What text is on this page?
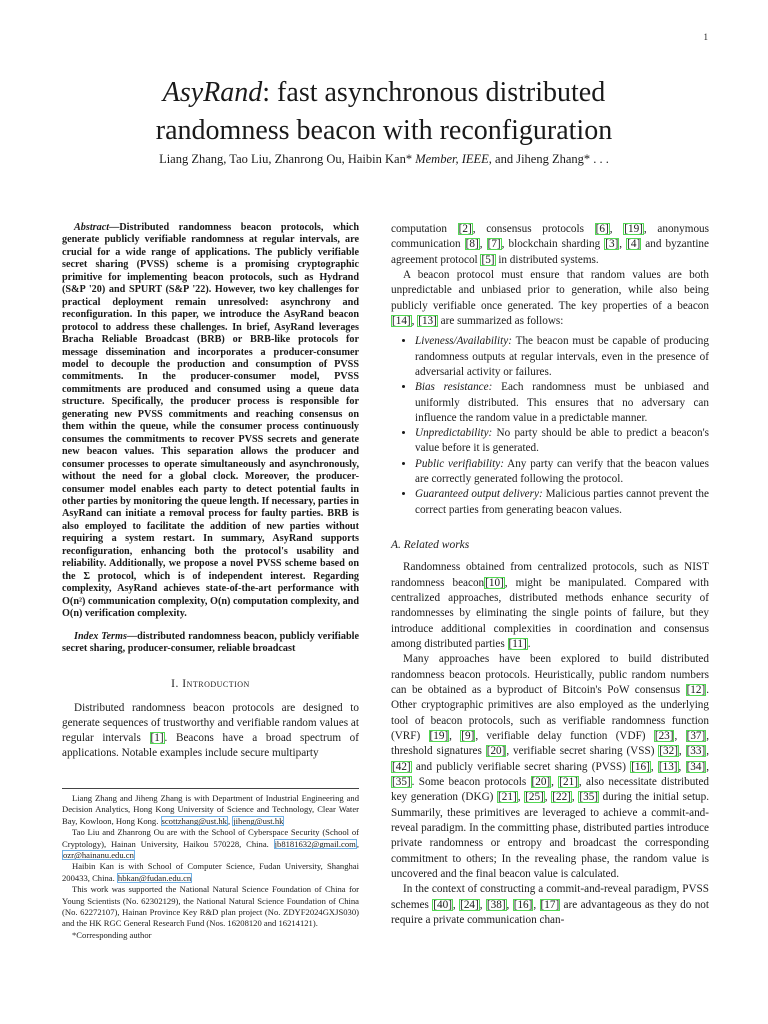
1
AsyRand: fast asynchronous distributed
randomness beacon with reconfiguration
Liang Zhang, Tao Liu, Zhanrong Ou, Haibin Kan* Member, IEEE, and Jiheng Zhang* . . .

Abstract—Distributed randomness beacon protocols, which generate publicly verifiable randomness at regular intervals, are crucial for a wide range of applications. The publicly verifiable secret sharing (PVSS) scheme is a promising cryptographic primitive for implementing beacon protocols, such as Hydrand (S&P '20) and SPURT (S&P '22). However, two key challenges for practical deployment remain unresolved: asynchrony and reconfiguration. In this paper, we introduce the AsyRand beacon protocol to address these challenges. In brief, AsyRand leverages Bracha Reliable Broadcast (BRB) or BRB-like protocols for message dissemination and incorporates a producer-consumer model to decouple the production and consumption of PVSS commitments. In the producer-consumer model, PVSS commitments are produced and consumed using a queue data structure. Specifically, the producer process is responsible for generating new PVSS commitments and reaching consensus on them within the queue, while the consumer process continuously consumes the commitments to recover PVSS secrets and generate new beacon values. This separation allows the producer and consumer processes to operate simultaneously and asynchronously, without the need for a global clock. Moreover, the producer-consumer model enables each party to detect potential faults in other parties by monitoring the queue length. If necessary, parties in AsyRand can initiate a removal process for faulty parties. BRB is also employed to facilitate the addition of new parties without requiring a system restart. In summary, AsyRand supports reconfiguration, enhancing both the protocol's usability and reliability. Additionally, we propose a novel PVSS scheme based on the Σ protocol, which is of independent interest. Regarding complexity, AsyRand achieves state-of-the-art performance with O(n²) communication complexity, O(n) computation complexity, and O(n) verification complexity.

Index Terms—distributed randomness beacon, publicly verifiable secret sharing, producer-consumer, reliable broadcast
I. Introduction

Distributed randomness beacon protocols are designed to generate sequences of trustworthy and verifiable random values at regular intervals [1]. Beacons have a broad spectrum of applications. Notable examples include secure multiparty

Liang Zhang and Jiheng Zhang is with Department of Industrial Engineering and Decision Analytics, Hong Kong University of Science and Technology, Clear Water Bay, Kowloon, Hong Kong. scottzhang@ust.hk, jiheng@ust.hk

Tao Liu and Zhanrong Ou are with the School of Cyberspace Security (School of Cryptology), Hainan University, Haikou 570228, China. jb8181632@gmail.com, ozr@hainanu.edu.cn

Haibin Kan is with School of Computer Science, Fudan University, Shanghai 200433, China. hbkan@fudan.edu.cn

This work was supported the National Natural Science Foundation of China for Young Scientists (No. 62302129), the National Natural Science Foundation of China (No. 62272107), Hainan Province Key R&D plan project (No. ZDYF2024GXJS030) and the HK RGC General Research Fund (Nos. 16208120 and 16214121).

*Corresponding author

computation [2], consensus protocols [6], [19], anonymous communication [8], [7], blockchain sharding [3], [4] and byzantine agreement protocol [5] in distributed systems.

A beacon protocol must ensure that random values are both unpredictable and unbiased prior to generation, while also being publicly verifiable once generated. The key properties of a beacon [14], [13] are summarized as follows:

• Liveness/Availability: The beacon must be capable of producing randomness outputs at regular intervals, even in the presence of adversarial activity or failures.
• Bias resistance: Each randomness must be unbiased and uniformly distributed. This ensures that no adversary can influence the random value in a predictable manner.
• Unpredictability: No party should be able to predict a beacon's value before it is generated.
• Public verifiability: Any party can verify that the beacon values are correctly generated following the protocol.
• Guaranteed output delivery: Malicious parties cannot prevent the correct parties from generating beacon values.
A. Related works

Randomness obtained from centralized protocols, such as NIST randomness beacon[10], might be manipulated. Compared with centralized approaches, distributed methods enhance security of randomnesses by eliminating the single points of failure, but they introduce additional complexities in coordination and consensus among distributed parties [11].

Many approaches have been explored to build distributed randomness beacon protocols. Heuristically, public random numbers can be obtained as a byproduct of Bitcoin's PoW consensus [12]. Other cryptographic primitives are also employed as the underlying tool of beacon protocols, such as verifiable randomness function (VRF) [19], [9], verifiable delay function (VDF) [23], [37], threshold signatures [20], verifiable secret sharing (VSS) [32], [33], [42] and publicly verifiable secret sharing (PVSS) [16], [13], [34], [35]. Some beacon protocols [20], [21], also necessitate distributed key generation (DKG) [21], [25], [22], [35] during the initial setup. Summarily, these primitives are leveraged to achieve a commit-and-reveal paradigm. In the committing phase, distributed parties introduce private randomness or entropy and broadcast the corresponding commitment to others; In the revealing phase, the random value is uncovered and the final beacon value is calculated.

In the context of constructing a commit-and-reveal paradigm, PVSS schemes [40], [24], [38], [16], [17] are advantageous as they do not require a private communication chan-
